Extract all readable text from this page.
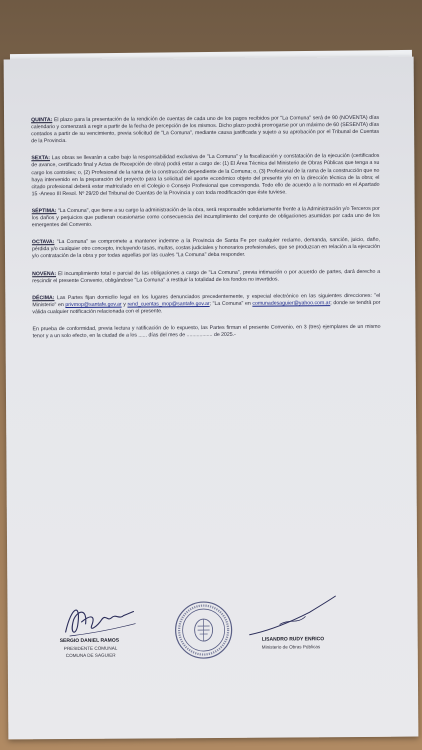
QUINTA: El plazo para la presentación de la rendición de cuentas de cada uno de los pagos recibidos por "La Comuna" será de 90 (NOVENTA) días calendario y comenzará a regir a partir de la fecha de percepción de los mismos. Dicho plazo podrá prorrogarse por un máximo de 60 (SESENTA) días contados a partir de su vencimiento, previa solicitud de "La Comuna", mediante causa justificada y sujeto a su aprobación por el Tribunal de Cuentas de la Provincia.

SEXTA: Las obras se llevarán a cabo bajo la responsabilidad exclusiva de "La Comuna" y la fiscalización y constatación de la ejecución (certificados de avance, certificado final y Actas de Recepción de obra) podrá estar a cargo de: (1) El Área Técnica del Ministerio de Obras Públicas que tenga a su cargo los controles; o, (2) Profesional de la rama de la construcción dependiente de la Comuna; o, (3) Profesional de la rama de la construcción que no haya intervenido en la preparación del proyecto para la solicitud del aporte económico objeto del presente y/o en la dirección técnica de la obra; el citado profesional deberá estar matriculado en el Colegio o Consejo Profesional que corresponda. Todo ello de acuerdo a lo normado en el Apartado 15 -Anexo III Resol. Nº 29/20 del Tribunal de Cuentas de la Provincia y con toda modificación que éste tuviese.

SÉPTIMA: "La Comuna", que tiene a su cargo la administración de la obra, será responsable solidariamente frente a la Administración y/o Terceros por los daños y perjuicios que pudieran ocasionarse como consecuencia del incumplimiento del conjunto de obligaciones asumidas por cada uno de los emergentes del Convenio.

OCTAVA: "La Comuna" se compromete a mantener indemne a la Provincia de Santa Fe por cualquier reclamo, demanda, sanción, juicio, daño, pérdida y/o cualquier otro concepto, incluyendo tasas, multas, costas judiciales y honorarios profesionales, que se produzcan en relación a la ejecución y/o contratación de la obra y por todas aquellas por las cuales "La Comuna" deba responder.

NOVENA: El incumplimiento total o parcial de las obligaciones a cargo de "La Comuna", previa intimación o por acuerdo de partes, dará derecho a rescindir el presente Convenio, obligándose "La Comuna" a restituir la totalidad de los fondos no invertidos.

DÉCIMA: Las Partes fijan domicilio legal en los lugares denunciados precedentemente, y especial electrónico en las siguientes direcciones: "el Ministerio" en privmop@santafe.gov.ar y rend_cuentas_mop@santafe.gov.ar; "La Comuna" en comunadesaguier@yahoo.com.ar; donde se tendrá por válida cualquier notificación relacionada con el presente.

En prueba de conformidad, previa lectura y ratificación de lo expuesto, las Partes firman el presente Convenio, en 3 (tres) ejemplares de un mismo tenor y a un solo efecto, en la ciudad de a los ...... días del mes de .................. de 2025.-

SERGIO DANIEL RAMOS
PRESIDENTE COMUNAL
COMUNA DE SAGUIER
LISANDRO RUDY ENRICO
Ministerio de Obras Públicas
